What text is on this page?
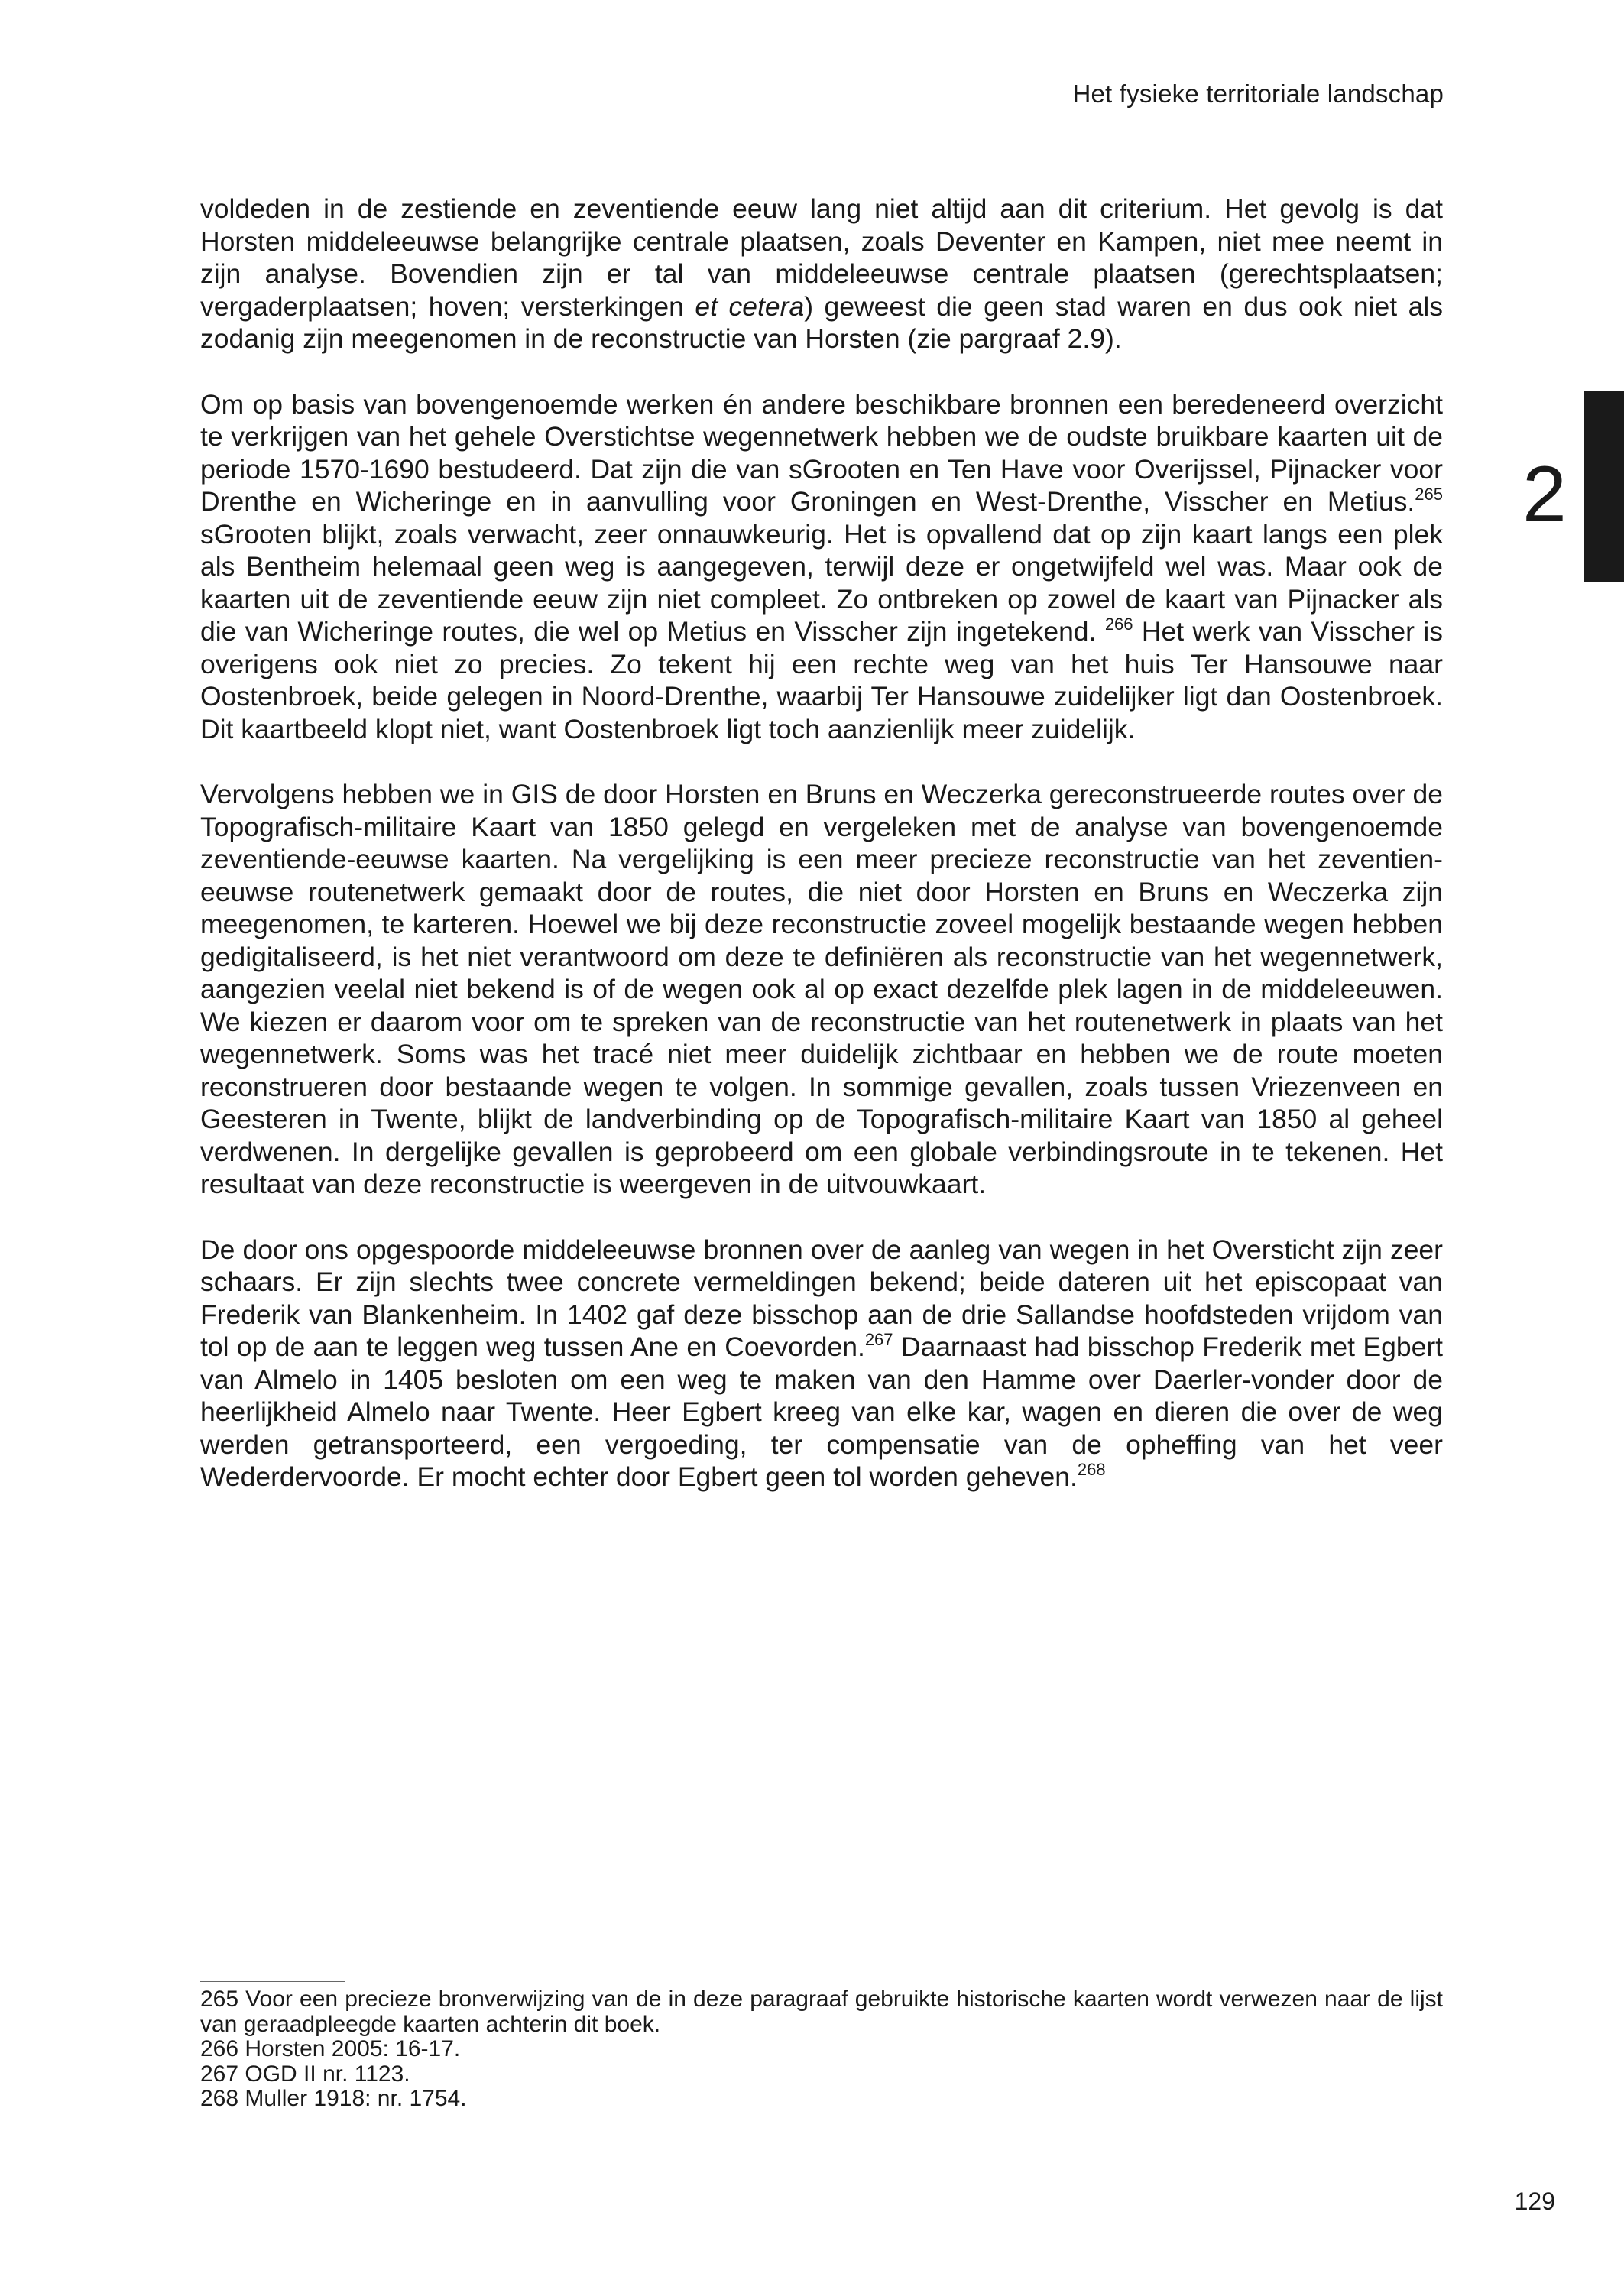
Het fysieke territoriale landschap
2

voldeden in de zestiende en zeventiende eeuw lang niet altijd aan dit criterium. Het gevolg is dat Horsten middeleeuwse belangrijke centrale plaatsen, zoals Deventer en Kampen, niet mee neemt in zijn analyse. Bovendien zijn er tal van middeleeuwse centrale plaatsen (gerechtsplaatsen; vergaderplaatsen; hoven; versterkingen et cetera) geweest die geen stad waren en dus ook niet als zodanig zijn meegenomen in de reconstructie van Horsten (zie pargraaf 2.9).

Om op basis van bovengenoemde werken én andere beschikbare bronnen een beredeneerd overzicht te verkrijgen van het gehele Overstichtse wegennetwerk hebben we de oudste bruikbare kaarten uit de periode 1570-1690 bestudeerd. Dat zijn die van sGrooten en Ten Have voor Overijssel, Pijnacker voor Drenthe en Wicheringe en in aanvulling voor Groningen en West-Drenthe, Visscher en Metius.$^{265}$ sGrooten blijkt, zoals verwacht, zeer onnauwkeurig. Het is opvallend dat op zijn kaart langs een plek als Bentheim helemaal geen weg is aangegeven, terwijl deze er ongetwijfeld wel was. Maar ook de kaarten uit de zeventiende eeuw zijn niet compleet. Zo ontbreken op zowel de kaart van Pijnacker als die van Wicheringe routes, die wel op Metius en Visscher zijn ingetekend. $^{266}$ Het werk van Visscher is overigens ook niet zo precies. Zo tekent hij een rechte weg van het huis Ter Hansouwe naar Oostenbroek, beide gelegen in Noord-Drenthe, waarbij Ter Hansouwe zuidelijker ligt dan Oostenbroek. Dit kaartbeeld klopt niet, want Oostenbroek ligt toch aanzienlijk meer zuidelijk.

Vervolgens hebben we in GIS de door Horsten en Bruns en Weczerka gereconstrueerde routes over de Topografisch-militaire Kaart van 1850 gelegd en vergeleken met de analyse van bovengenoemde zeventiende-eeuwse kaarten. Na vergelijking is een meer precieze reconstructie van het zeventien-eeuwse routenetwerk gemaakt door de routes, die niet door Horsten en Bruns en Weczerka zijn meegenomen, te karteren. Hoewel we bij deze reconstructie zoveel mogelijk bestaande wegen hebben gedigitaliseerd, is het niet verantwoord om deze te definiëren als reconstructie van het wegennetwerk, aangezien veelal niet bekend is of de wegen ook al op exact dezelfde plek lagen in de middeleeuwen. We kiezen er daarom voor om te spreken van de reconstructie van het routenetwerk in plaats van het wegennetwerk. Soms was het tracé niet meer duidelijk zichtbaar en hebben we de route moeten reconstrueren door bestaande wegen te volgen. In sommige gevallen, zoals tussen Vriezenveen en Geesteren in Twente, blijkt de landverbinding op de Topografisch-militaire Kaart van 1850 al geheel verdwenen. In dergelijke gevallen is geprobeerd om een globale verbindingsroute in te tekenen. Het resultaat van deze reconstructie is weergeven in de uitvouwkaart.

De door ons opgespoorde middeleeuwse bronnen over de aanleg van wegen in het Oversticht zijn zeer schaars. Er zijn slechts twee concrete vermeldingen bekend; beide dateren uit het episcopaat van Frederik van Blankenheim. In 1402 gaf deze bisschop aan de drie Sallandse hoofdsteden vrijdom van tol op de aan te leggen weg tussen Ane en Coevorden.$^{267}$ Daarnaast had bisschop Frederik met Egbert van Almelo in 1405 besloten om een weg te maken van den Hamme over Daerler-vonder door de heerlijkheid Almelo naar Twente. Heer Egbert kreeg van elke kar, wagen en dieren die over de weg werden getransporteerd, een vergoeding, ter compensatie van de opheffing van het veer Wederdervoorde. Er mocht echter door Egbert geen tol worden geheven.$^{268}$

265 Voor een precieze bronverwijzing van de in deze paragraaf gebruikte historische kaarten wordt verwezen naar de lijst van geraadpleegde kaarten achterin dit boek.

266 Horsten 2005: 16-17.

267 OGD II nr. 1123.

268 Muller 1918: nr. 1754.

129
